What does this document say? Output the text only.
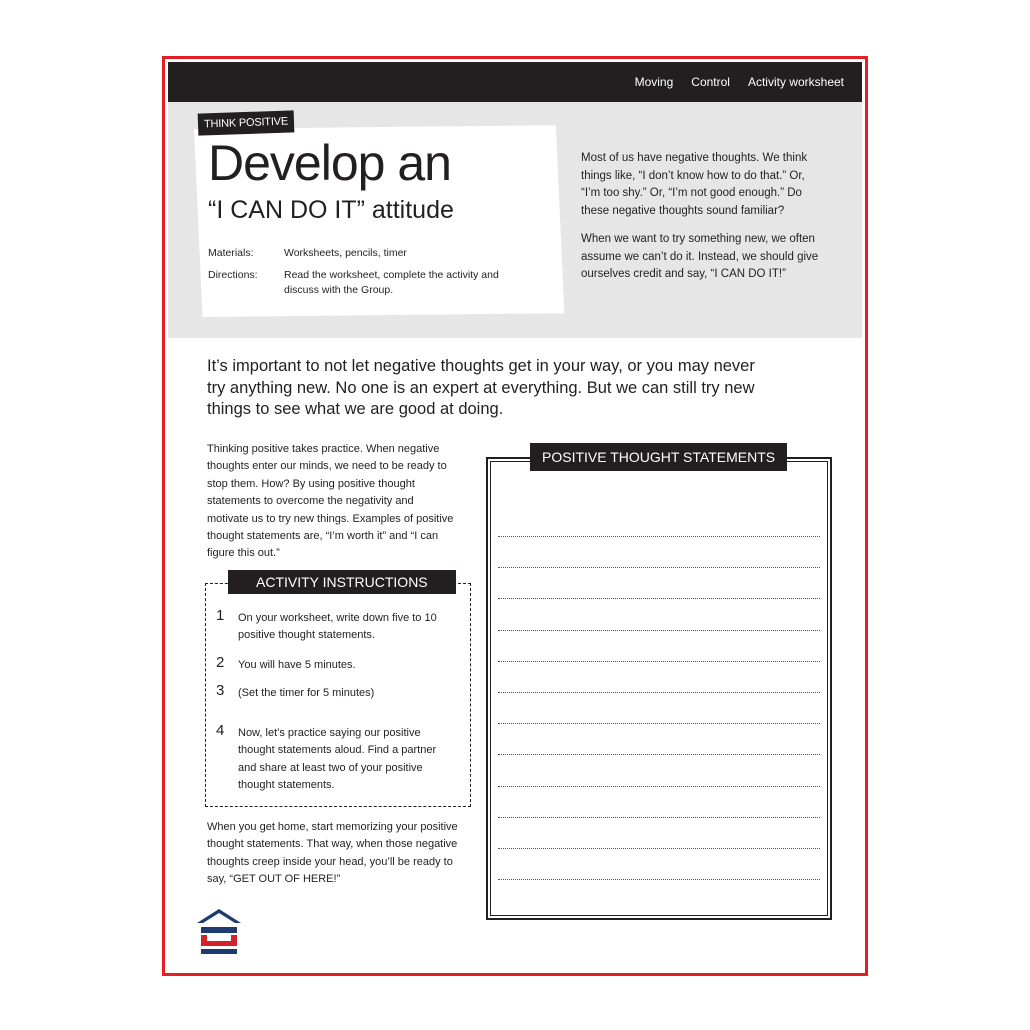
Moving Control Activity worksheet
THINK POSITIVE
Develop an
“I CAN DO IT” attitude
Materials:	Worksheets, pencils, timer
Directions:	Read the worksheet, complete the activity and discuss with the Group.

Most of us have negative thoughts. We think things like, “I don’t know how to do that.” Or, “I’m too shy.” Or, “I’m not good enough.” Do these negative thoughts sound familiar?

When we want to try something new, we often assume we can’t do it. Instead, we should give ourselves credit and say, “I CAN DO IT!”

It’s important to not let negative thoughts get in your way, or you may never try anything new. No one is an expert at everything. But we can still try new things to see what we are good at doing.

Thinking positive takes practice. When negative thoughts enter our minds, we need to be ready to stop them. How? By using positive thought statements to overcome the negativity and motivate us to try new things. Examples of positive thought statements are, “I’m worth it” and “I can figure this out.”

ACTIVITY INSTRUCTIONS
1 On your worksheet, write down five to 10 positive thought statements.
2 You will have 5 minutes.
3 (Set the timer for 5 minutes)
4 Now, let’s practice saying our positive thought statements aloud. Find a partner and share at least two of your positive thought statements.

When you get home, start memorizing your positive thought statements. That way, when those negative thoughts creep inside your head, you’ll be ready to say, “GET OUT OF HERE!”

POSITIVE THOUGHT STATEMENTS
